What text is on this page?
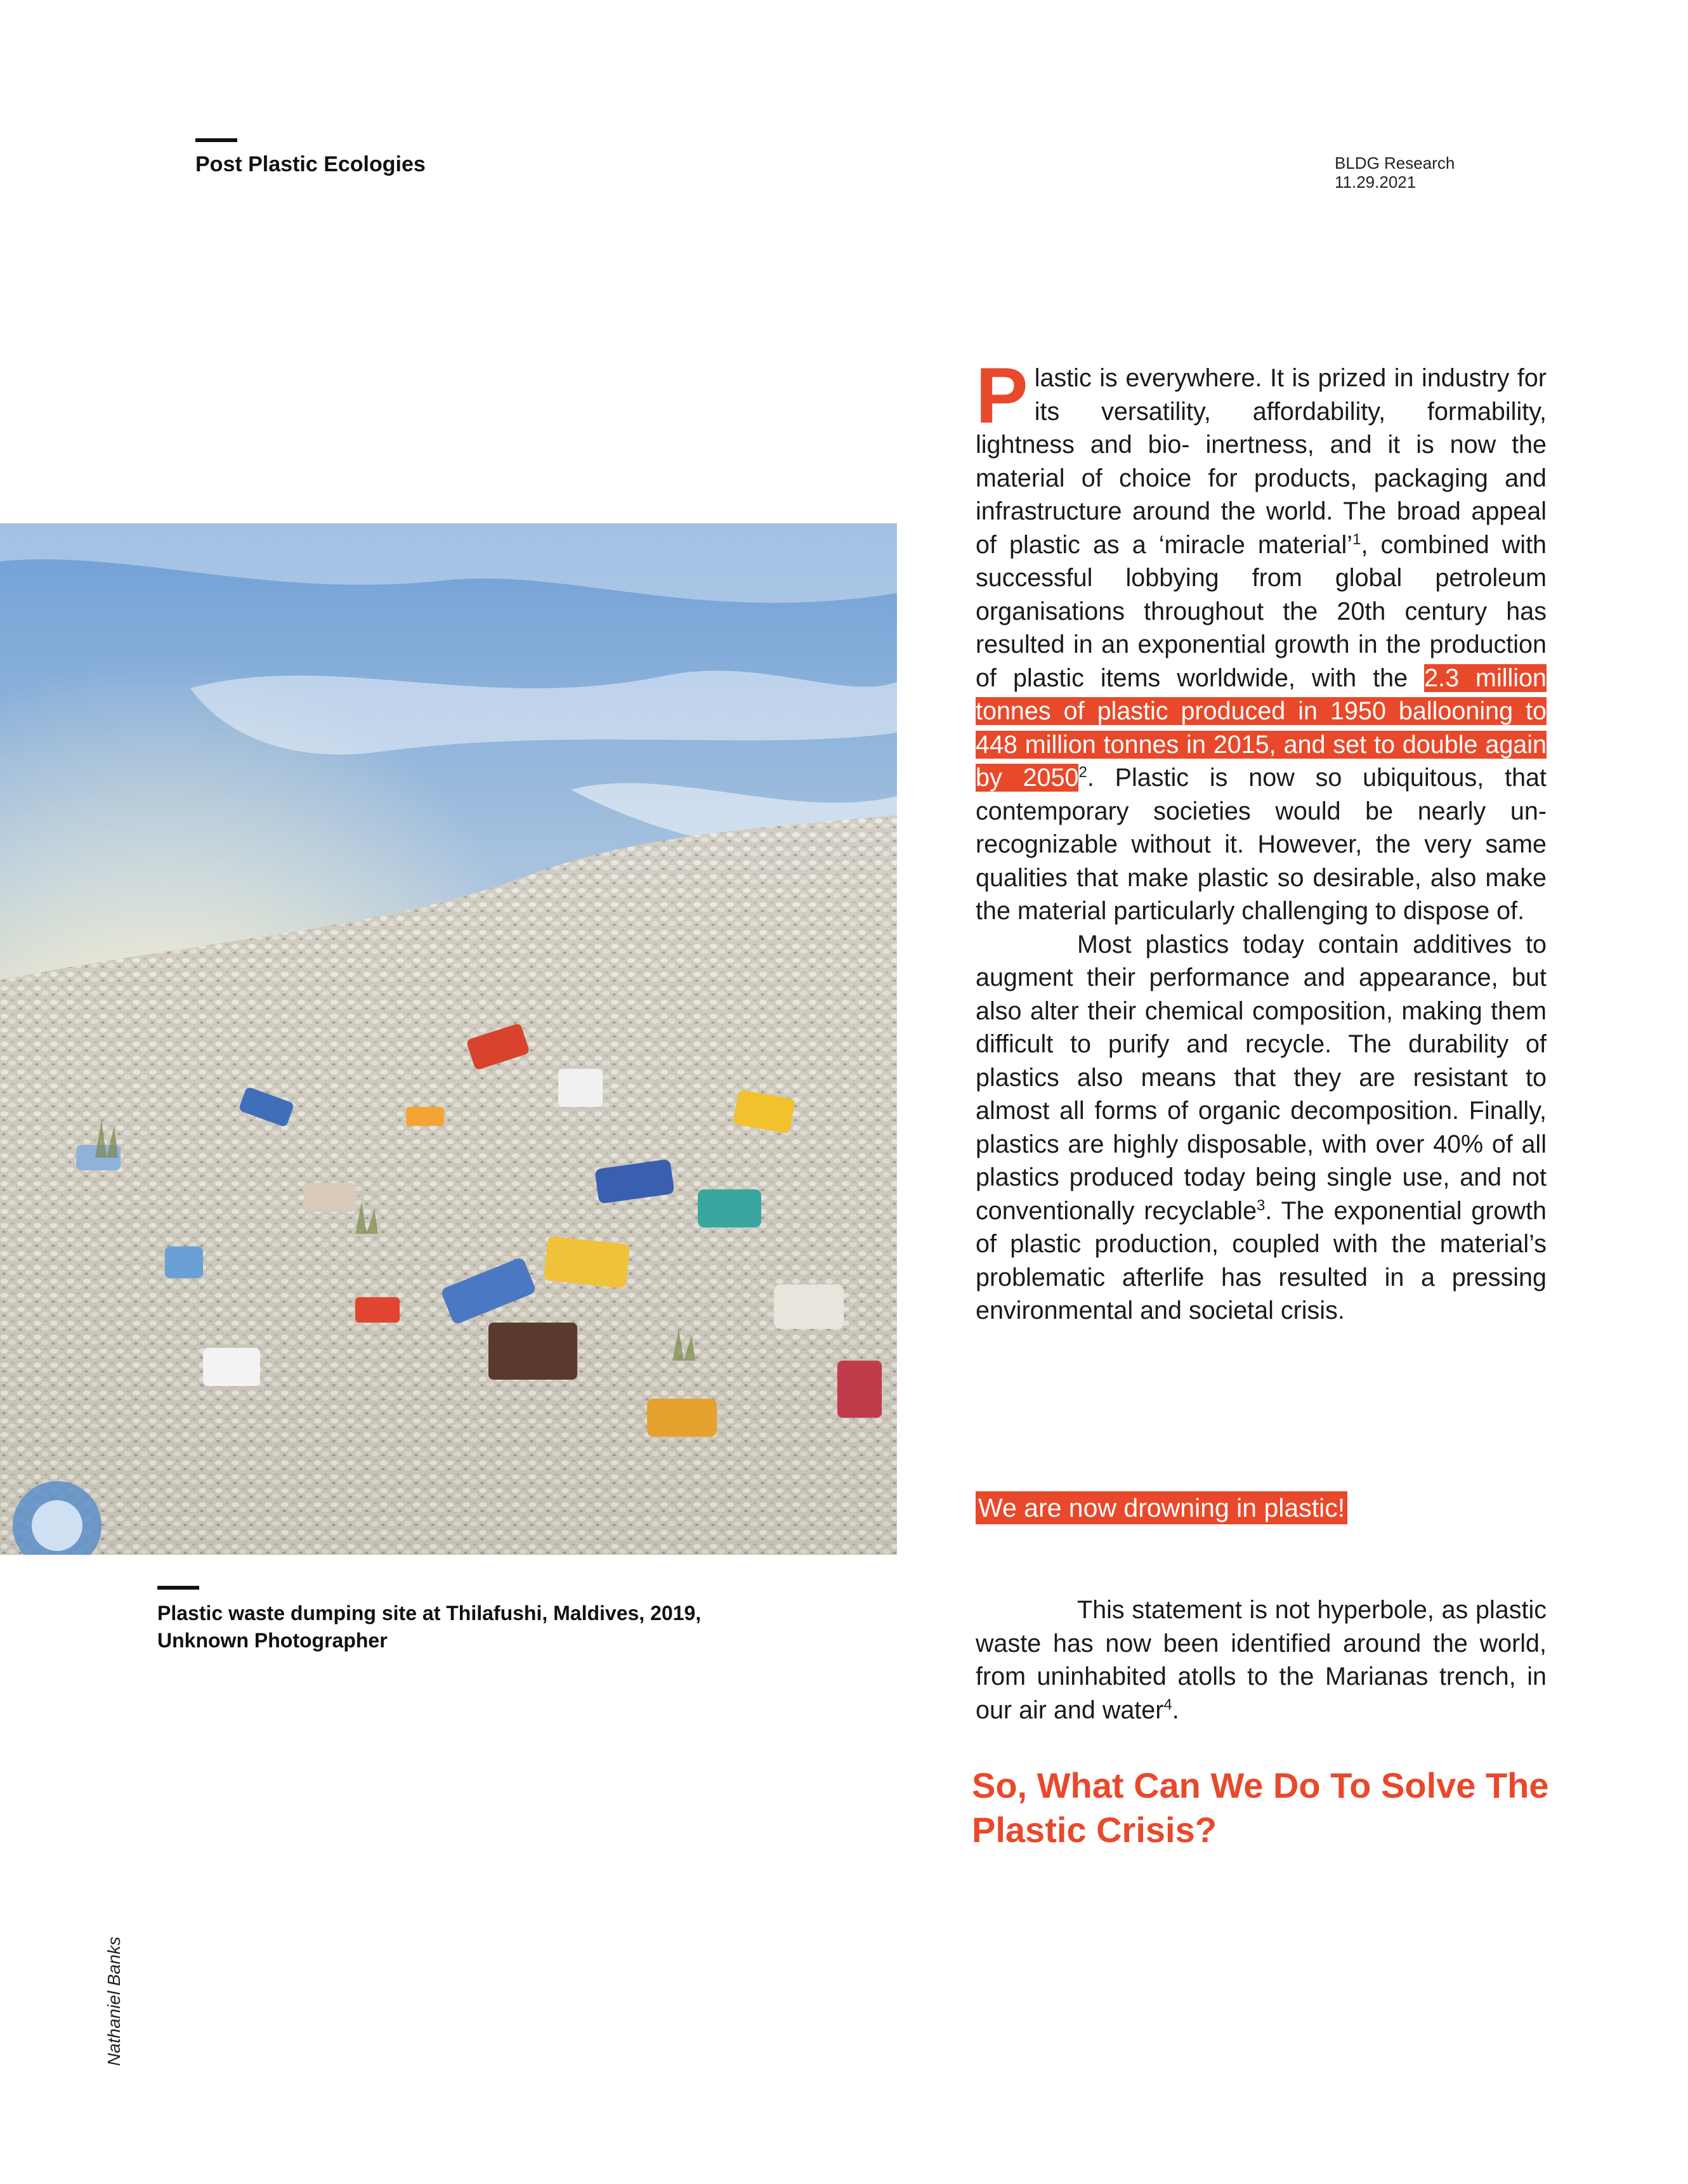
Post Plastic Ecologies	BLDG Research
11.29.2021
Plastic waste dumping site at Thilafushi, Maldives, 2019, Unknown Photographer
Nathaniel Banks

Plastic is everywhere. It is prized in industry for its versatility, affordability, formability, lightness and bio- inertness, and it is now the material of choice for products, packaging and infrastructure around the world. The broad appeal of plastic as a ‘miracle material’$^1$, combined with successful lobbying from global petroleum organisations throughout the 20th century has resulted in an exponential growth in the production of plastic items worldwide, with the 2.3 million tonnes of plastic produced in 1950 ballooning to 448 million tonnes in 2015, and set to double again by 2050$^2$. Plastic is now so ubiquitous, that contemporary societies would be nearly unrecognizable without it. However, the very same qualities that make plastic so desirable, also make the material particularly challenging to dispose of.

Most plastics today contain additives to augment their performance and appearance, but also alter their chemical composition, making them difficult to purify and recycle. The durability of plastics also means that they are resistant to almost all forms of organic decomposition. Finally, plastics are highly disposable, with over 40% of all plastics produced today being single use, and not conventionally recyclable$^3$. The exponential growth of plastic production, coupled with the material’s problematic afterlife has resulted in a pressing environmental and societal crisis.

We are now drowning in plastic!

This statement is not hyperbole, as plastic waste has now been identified around the world, from uninhabited atolls to the Marianas trench, in our air and water$^4$.

So, What Can We Do To Solve The Plastic Crisis?
